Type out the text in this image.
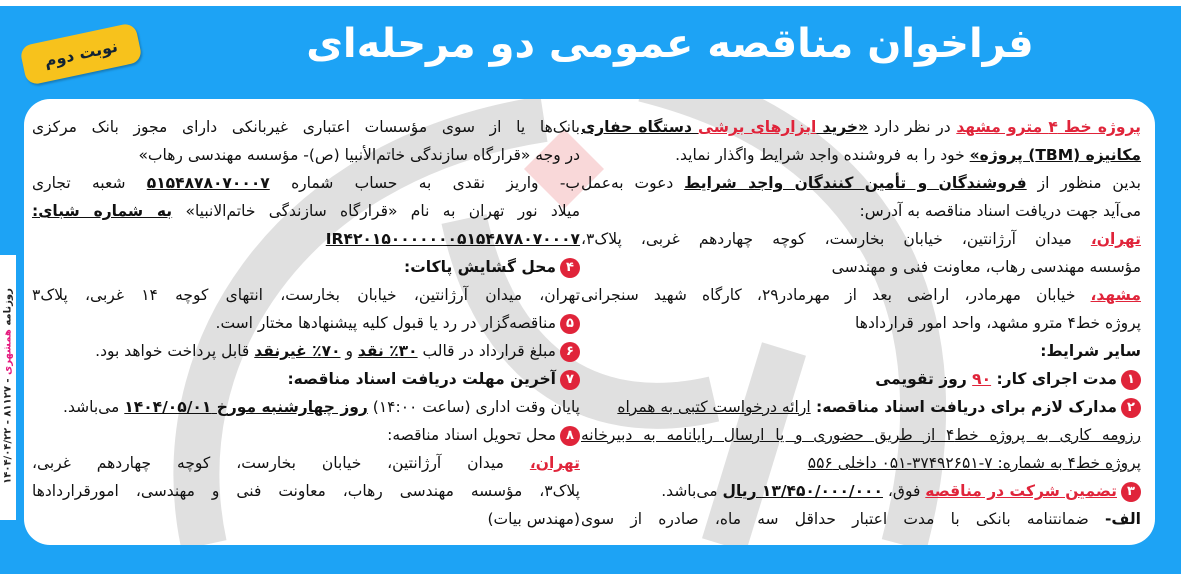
روزنامه همشهری - ۸۱۱۲۷ - ۱۴۰۴/۰۴/۲۲
فراخوان مناقصه عمومی دو مرحله‌ای
نوبت دوم
پروژه خط ۴ مترو مشهد در نظر دارد «خرید ابزارهای برشی دستگاه حفاری
مکانیزه (TBM) پروژه» خود را به فروشنده واجد شرایط واگذار نماید.
بدین منظور از فروشندگان و تأمین کنندگان واجد شرایط دعوت به‌عمل
می‌آید جهت دریافت اسناد مناقصه به آدرس:
تهران، میدان آرژانتین، خیابان بخارست، کوچه چهاردهم غربی، پلاک۳،
مؤسسه مهندسی رهاب، معاونت فنی و مهندسی
مشهد، خیابان مهرمادر، اراضی بعد از مهرمادر۲۹، کارگاه شهید سنجرانی
پروژه خط۴ مترو مشهد، واحد امور قراردادها
سایر شرایط:
۱مدت اجرای کار: ۹۰ روز تقویمی
۲مدارک لازم برای دریافت اسناد مناقصه: ارائه درخواست کتبی به همراه
رزومه کاری به پروژه خط۴ از طریق حضوری و یا ارسال رایانامه به دبیرخانه
پروژه خط۴ به شماره: ۷-۳۷۴۹۲۶۵۱-۰۵۱ داخلی ۵۵۶
۳تضمین شرکت در مناقصه فوق، ۱۳/۴۵۰/۰۰۰/۰۰۰ ریال می‌باشد.
الف- ضمانتنامه بانکی با مدت اعتبار حداقل سه ماه، صادره از سوی
بانک‌ها یا از سوی مؤسسات اعتباری غیربانکی دارای مجوز بانک مرکزی
در وجه «قرارگاه سازندگی خاتم‌الأنبیا (ص)- مؤسسه مهندسی رهاب»
ب- واریز نقدی به حساب شماره ۵۱۵۴۸۷۸۰۷۰۰۰۷ شعبه تجاری
میلاد نور تهران به نام «قرارگاه سازندگی خاتم‌الانبیا» به شماره شبای:
IR۴۲۰۱۵۰۰۰۰۰۰۰۵۱۵۴۸۷۸۰۷۰۰۰۷
۴محل گشایش پاکات:
تهران، میدان آرژانتین، خیابان بخارست، انتهای کوچه ۱۴ غربی، پلاک۳
۵مناقصه‌گزار در رد یا قبول کلیه پیشنهادها مختار است.
۶مبلغ قرارداد در قالب ۳۰٪ نقد و ۷۰٪ غیرنقد قابل پرداخت خواهد بود.
۷آخرین مهلت دریافت اسناد مناقصه:
پایان وقت اداری (ساعت ۱۴:۰۰) روز چهارشنبه مورخ ۱۴۰۴/۰۵/۰۱ می‌باشد.
۸محل تحویل اسناد مناقصه:
تهران، میدان آرژانتین، خیابان بخارست، کوچه چهاردهم غربی،
پلاک۳، مؤسسه مهندسی رهاب، معاونت فنی و مهندسی، امورقراردادها
(مهندس بیات)
